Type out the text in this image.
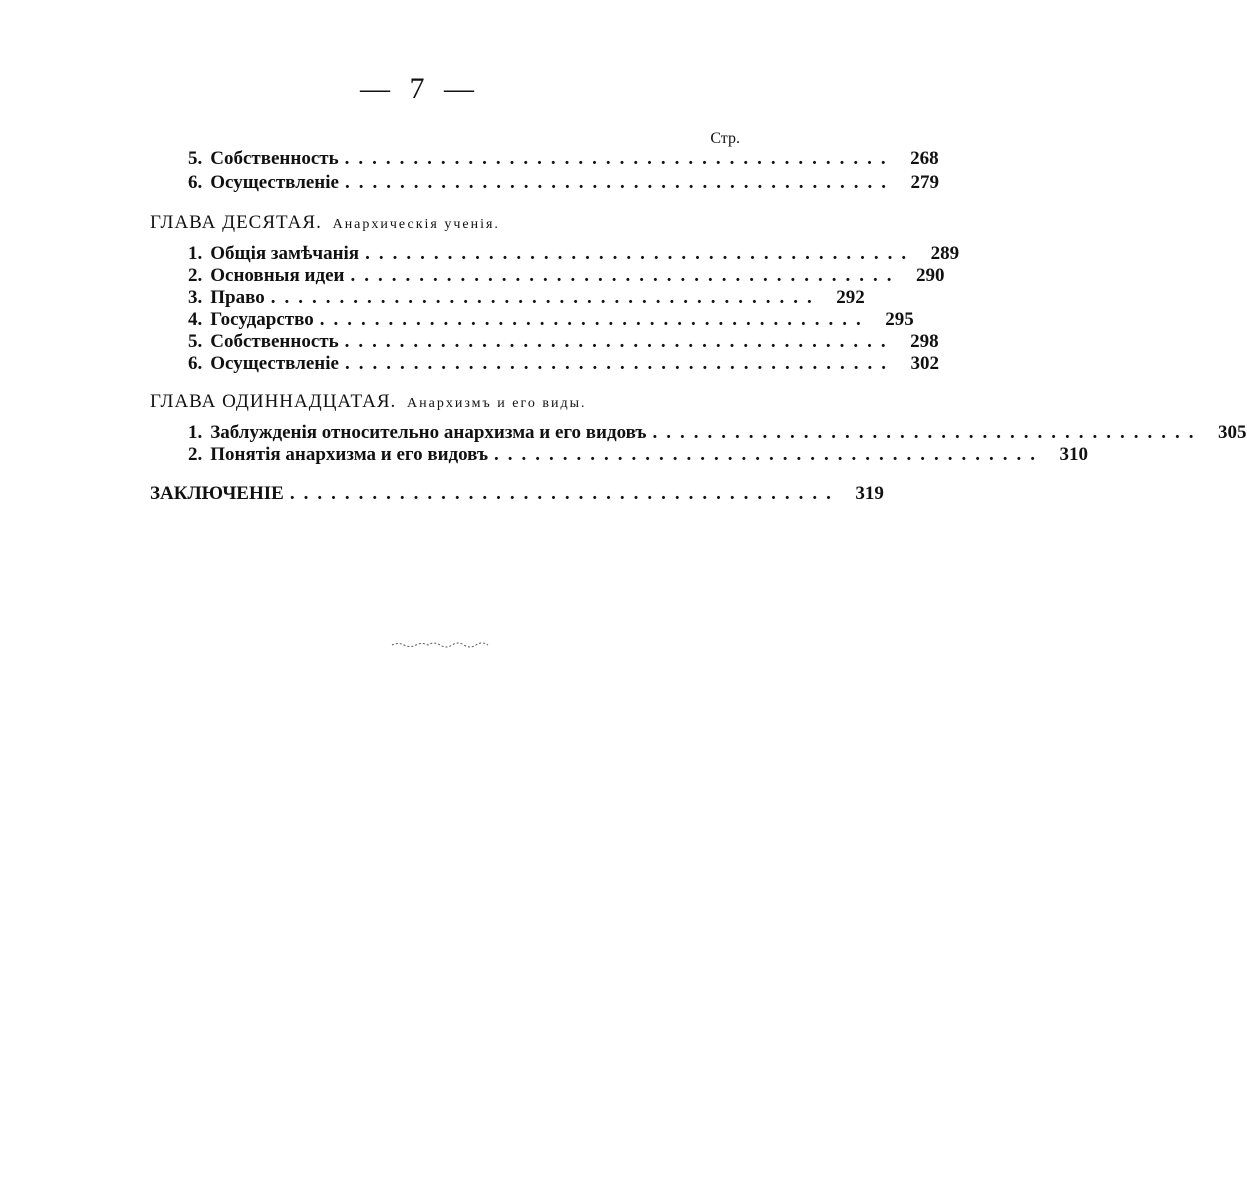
— 7 —
Стр.
5. Собственность ........................................ 268
6. Осуществленіе ........................................ 279
ГЛАВА ДЕСЯТАЯ. Анархическія ученія.
1. Общія замѣчанія ........................................ 289
2. Основныя идеи ........................................ 290
3. Право ........................................ 292
4. Государство ........................................ 295
5. Собственность ........................................ 298
6. Осуществленіе ........................................ 302
ГЛАВА ОДИННАДЦАТАЯ. Анархизмъ и его виды.
1. Заблужденія относительно анархизма и его видовъ ........................................ 305
2. Понятія анархизма и его видовъ ........................................ 310
ЗАКЛЮЧЕНІЕ ........................................ 319
